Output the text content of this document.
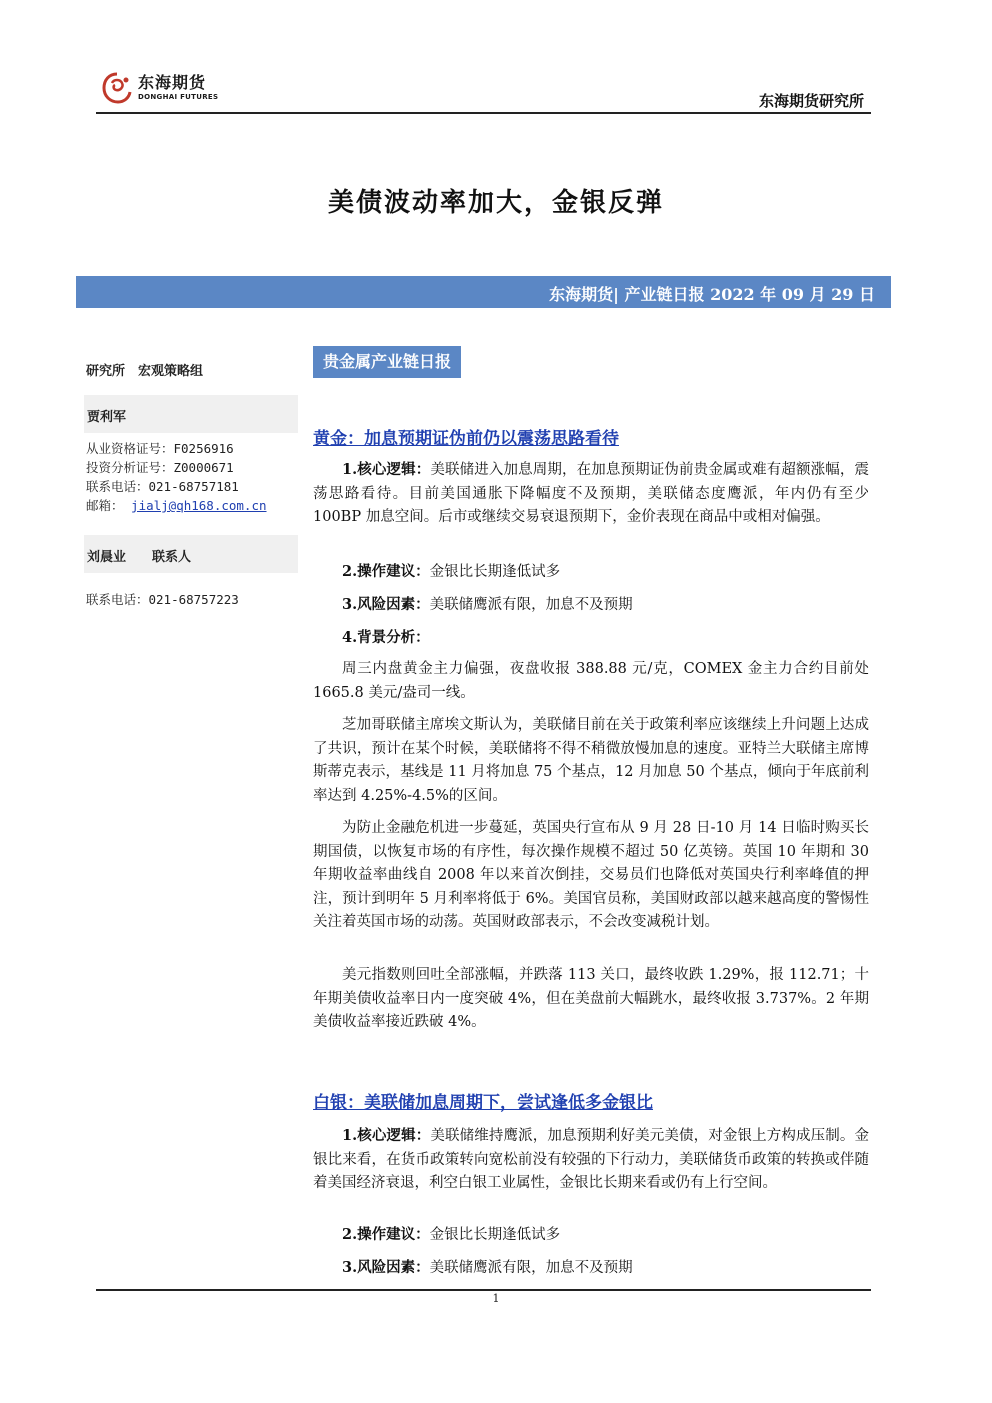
东海期货
DONGHAI FUTURES	东海期货研究所
美债波动率加大，金银反弹
东海期货| 产业链日报 2022 年 09 月 29 日
研究所　宏观策略组
贾利军
从业资格证号：F0256916
投资分析证号：Z0000671
联系电话：021-68757181
邮箱： jialj@qh168.com.cn
刘晨业　　联系人
联系电话：021-68757223
贵金属产业链日报
黄金：加息预期证伪前仍以震荡思路看待

1.核心逻辑：美联储进入加息周期，在加息预期证伪前贵金属或难有超额涨幅，震荡思路看待。目前美国通胀下降幅度不及预期，美联储态度鹰派，年内仍有至少 100BP 加息空间。后市或继续交易衰退预期下，金价表现在商品中或相对偏强。

2.操作建议：金银比长期逢低试多

3.风险因素：美联储鹰派有限，加息不及预期

4.背景分析：

周三内盘黄金主力偏强，夜盘收报 388.88 元/克，COMEX 金主力合约目前处 1665.8 美元/盎司一线。

芝加哥联储主席埃文斯认为，美联储目前在关于政策利率应该继续上升问题上达成了共识，预计在某个时候，美联储将不得不稍微放慢加息的速度。亚特兰大联储主席博斯蒂克表示，基线是 11 月将加息 75 个基点，12 月加息 50 个基点，倾向于年底前利率达到 4.25%-4.5%的区间。

为防止金融危机进一步蔓延，英国央行宣布从 9 月 28 日-10 月 14 日临时购买长期国债，以恢复市场的有序性，每次操作规模不超过 50 亿英镑。英国 10 年期和 30 年期收益率曲线自 2008 年以来首次倒挂，交易员们也降低对英国央行利率峰值的押注，预计到明年 5 月利率将低于 6%。美国官员称，美国财政部以越来越高度的警惕性关注着英国市场的动荡。英国财政部表示，不会改变减税计划。

美元指数则回吐全部涨幅，并跌落 113 关口，最终收跌 1.29%，报 112.71；十年期美债收益率日内一度突破 4%，但在美盘前大幅跳水，最终收报 3.737%。2 年期美债收益率接近跌破 4%。

白银：美联储加息周期下，尝试逢低多金银比

1.核心逻辑：美联储维持鹰派，加息预期利好美元美债，对金银上方构成压制。金银比来看，在货币政策转向宽松前没有较强的下行动力，美联储货币政策的转换或伴随着美国经济衰退，利空白银工业属性，金银比长期来看或仍有上行空间。

2.操作建议：金银比长期逢低试多

3.风险因素：美联储鹰派有限，加息不及预期

1
